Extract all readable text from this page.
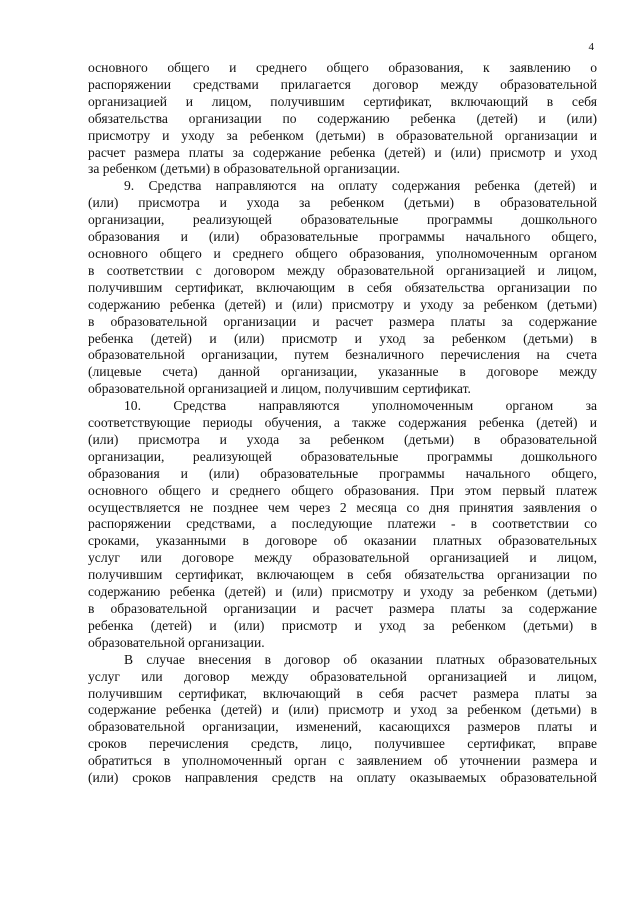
4

основного общего и среднего общего образования, к заявлению о
распоряжении средствами прилагается договор между образовательной
организацией и лицом, получившим сертификат, включающий в себя
обязательства организации по содержанию ребенка (детей) и (или)
присмотру и уходу за ребенком (детьми) в образовательной организации и
расчет размера платы за содержание ребенка (детей) и (или) присмотр и уход
за ребенком (детьми) в образовательной организации.

9. Средства направляются на оплату содержания ребенка (детей) и
(или) присмотра и ухода за ребенком (детьми) в образовательной
организации, реализующей образовательные программы дошкольного
образования и (или) образовательные программы начального общего,
основного общего и среднего общего образования, уполномоченным органом
в соответствии с договором между образовательной организацией и лицом,
получившим сертификат, включающим в себя обязательства организации по
содержанию ребенка (детей) и (или) присмотру и уходу за ребенком (детьми)
в образовательной организации и расчет размера платы за содержание
ребенка (детей) и (или) присмотр и уход за ребенком (детьми) в
образовательной организации, путем безналичного перечисления на счета
(лицевые счета) данной организации, указанные в договоре между
образовательной организацией и лицом, получившим сертификат.

10. Средства направляются уполномоченным органом за
соответствующие периоды обучения, а также содержания ребенка (детей) и
(или) присмотра и ухода за ребенком (детьми) в образовательной
организации, реализующей образовательные программы дошкольного
образования и (или) образовательные программы начального общего,
основного общего и среднего общего образования. При этом первый платеж
осуществляется не позднее чем через 2 месяца со дня принятия заявления о
распоряжении средствами, а последующие платежи - в соответствии со
сроками, указанными в договоре об оказании платных образовательных
услуг или договоре между образовательной организацией и лицом,
получившим сертификат, включающем в себя обязательства организации по
содержанию ребенка (детей) и (или) присмотру и уходу за ребенком (детьми)
в образовательной организации и расчет размера платы за содержание
ребенка (детей) и (или) присмотр и уход за ребенком (детьми) в
образовательной организации.

В случае внесения в договор об оказании платных образовательных
услуг или договор между образовательной организацией и лицом,
получившим сертификат, включающий в себя расчет размера платы за
содержание ребенка (детей) и (или) присмотр и уход за ребенком (детьми) в
образовательной организации, изменений, касающихся размеров платы и
сроков перечисления средств, лицо, получившее сертификат, вправе
обратиться в уполномоченный орган с заявлением об уточнении размера и
(или) сроков направления средств на оплату оказываемых образовательной
